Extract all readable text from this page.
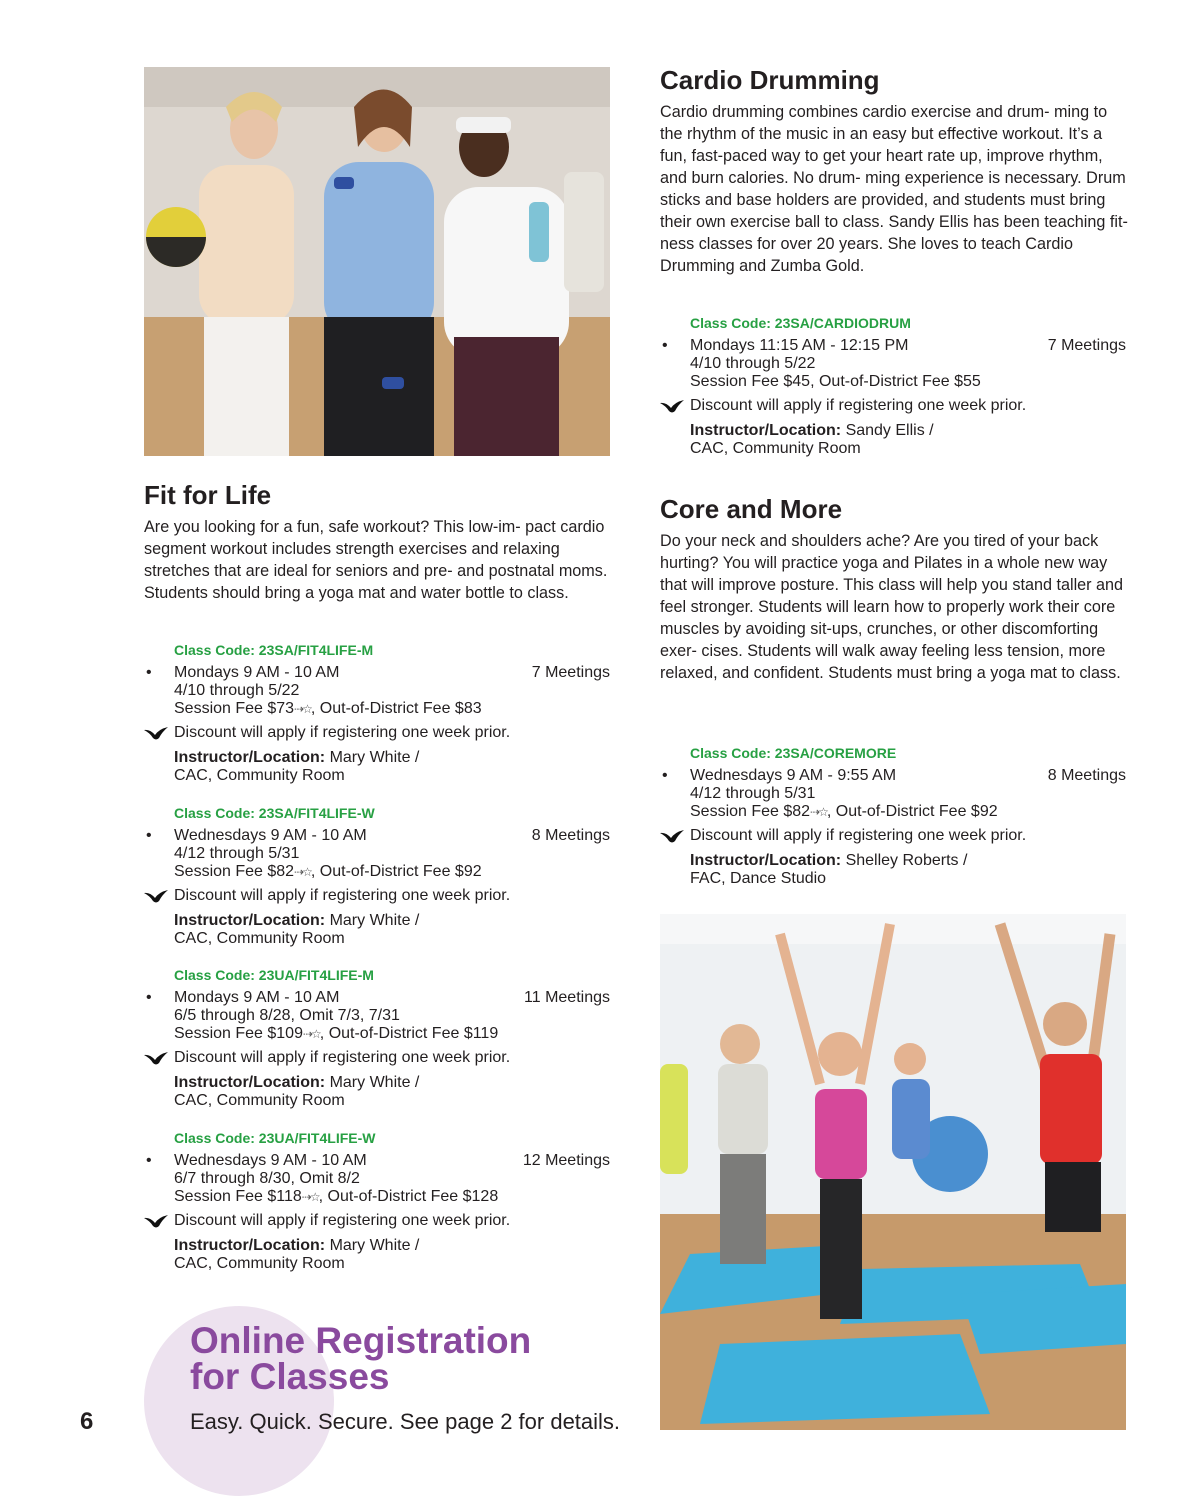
Fit for Life

Are you looking for a fun, safe workout? This low-im- pact cardio segment workout includes strength exercises and relaxing stretches that are ideal for seniors and pre- and postnatal moms. Students should bring a yoga mat and water bottle to class.

Class Code: 23SA/FIT4LIFE-M
• Mondays 9 AM - 10 AM	7 Meetings
4/10 through 5/22
Session Fee $73⇢☆, Out-of-District Fee $83
Discount will apply if registering one week prior.
Instructor/Location: Mary White /
CAC, Community Room
Class Code: 23SA/FIT4LIFE-W
• Wednesdays 9 AM - 10 AM	8 Meetings
4/12 through 5/31
Session Fee $82⇢☆, Out-of-District Fee $92
Discount will apply if registering one week prior.
Instructor/Location: Mary White /
CAC, Community Room
Class Code: 23UA/FIT4LIFE-M
• Mondays 9 AM - 10 AM	11 Meetings
6/5 through 8/28, Omit 7/3, 7/31
Session Fee $109⇢☆, Out-of-District Fee $119
Discount will apply if registering one week prior.
Instructor/Location: Mary White /
CAC, Community Room
Class Code: 23UA/FIT4LIFE-W
• Wednesdays 9 AM - 10 AM	12 Meetings
6/7 through 8/30, Omit 8/2
Session Fee $118⇢☆, Out-of-District Fee $128
Discount will apply if registering one week prior.
Instructor/Location: Mary White /
CAC, Community Room
Cardio Drumming

Cardio drumming combines cardio exercise and drum- ming to the rhythm of the music in an easy but effective workout. It’s a fun, fast-paced way to get your heart rate up, improve rhythm, and burn calories. No drum- ming experience is necessary. Drum sticks and base holders are provided, and students must bring their own exercise ball to class. Sandy Ellis has been teaching fit- ness classes for over 20 years. She loves to teach Cardio Drumming and Zumba Gold.

Class Code: 23SA/CARDIODRUM
• Mondays 11:15 AM - 12:15 PM	7 Meetings
4/10 through 5/22
Session Fee $45, Out-of-District Fee $55
Discount will apply if registering one week prior.
Instructor/Location: Sandy Ellis /
CAC, Community Room
Core and More

Do your neck and shoulders ache? Are you tired of your back hurting? You will practice yoga and Pilates in a whole new way that will improve posture. This class will help you stand taller and feel stronger. Students will learn how to properly work their core muscles by avoiding sit-ups, crunches, or other discomforting exer- cises. Students will walk away feeling less tension, more relaxed, and confident. Students must bring a yoga mat to class.

Class Code: 23SA/COREMORE
• Wednesdays 9 AM - 9:55 AM	8 Meetings
4/12 through 5/31
Session Fee $82⇢☆, Out-of-District Fee $92
Discount will apply if registering one week prior.
Instructor/Location: Shelley Roberts /
FAC, Dance Studio
Online Registration
for Classes
Easy. Quick. Secure. See page 2 for details.
6
